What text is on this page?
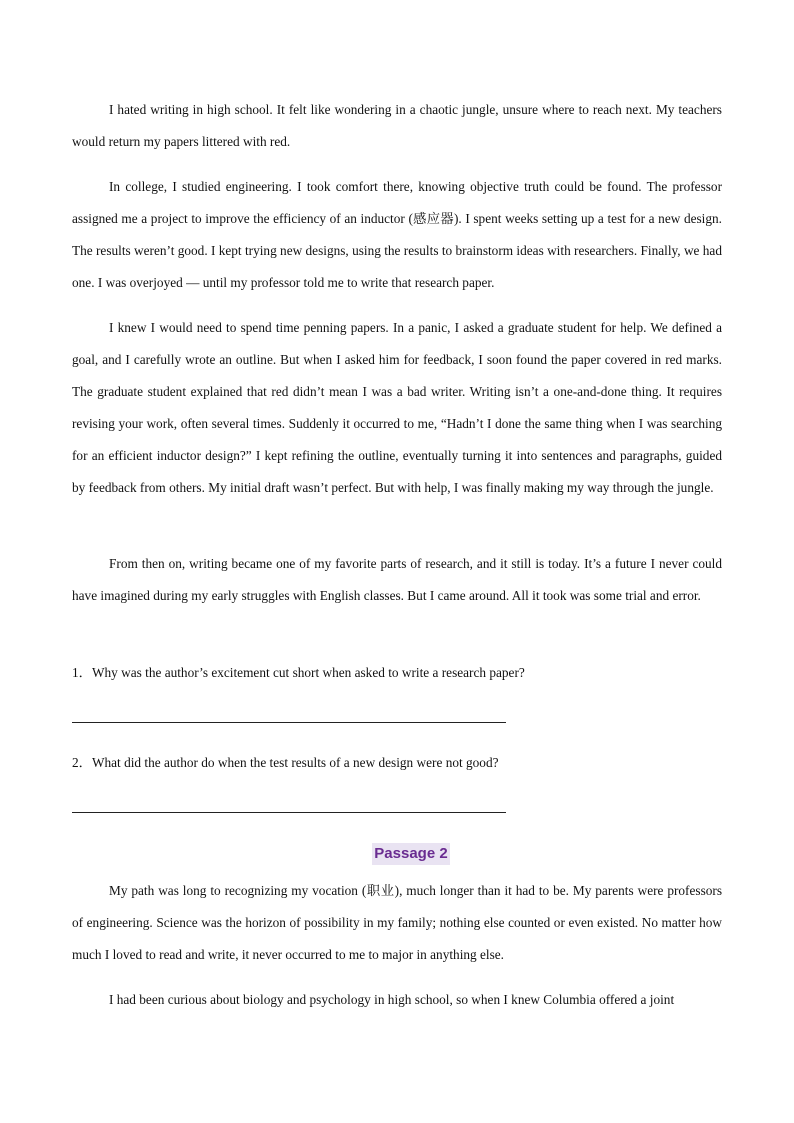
I hated writing in high school. It felt like wondering in a chaotic jungle, unsure where to reach next. My teachers would return my papers littered with red.

In college, I studied engineering. I took comfort there, knowing objective truth could be found. The professor assigned me a project to improve the efficiency of an inductor (感应器). I spent weeks setting up a test for a new design. The results weren’t good. I kept trying new designs, using the results to brainstorm ideas with researchers. Finally, we had one. I was overjoyed — until my professor told me to write that research paper.

I knew I would need to spend time penning papers. In a panic, I asked a graduate student for help. We defined a goal, and I carefully wrote an outline. But when I asked him for feedback, I soon found the paper covered in red marks. The graduate student explained that red didn’t mean I was a bad writer. Writing isn’t a one-and-done thing. It requires revising your work, often several times. Suddenly it occurred to me, “Hadn’t I done the same thing when I was searching for an efficient inductor design?” I kept refining the outline, eventually turning it into sentences and paragraphs, guided by feedback from others. My initial draft wasn’t perfect. But with help, I was finally making my way through the jungle.

From then on, writing became one of my favorite parts of research, and it still is today. It’s a future I never could have imagined during my early struggles with English classes. But I came around. All it took was some trial and error.

1．Why was the author’s excitement cut short when asked to write a research paper?

2．What did the author do when the test results of a new design were not good?

Passage 2

My path was long to recognizing my vocation (职业), much longer than it had to be. My parents were professors of engineering. Science was the horizon of possibility in my family; nothing else counted or even existed. No matter how much I loved to read and write, it never occurred to me to major in anything else.

I had been curious about biology and psychology in high school, so when I knew Columbia offered a joint
